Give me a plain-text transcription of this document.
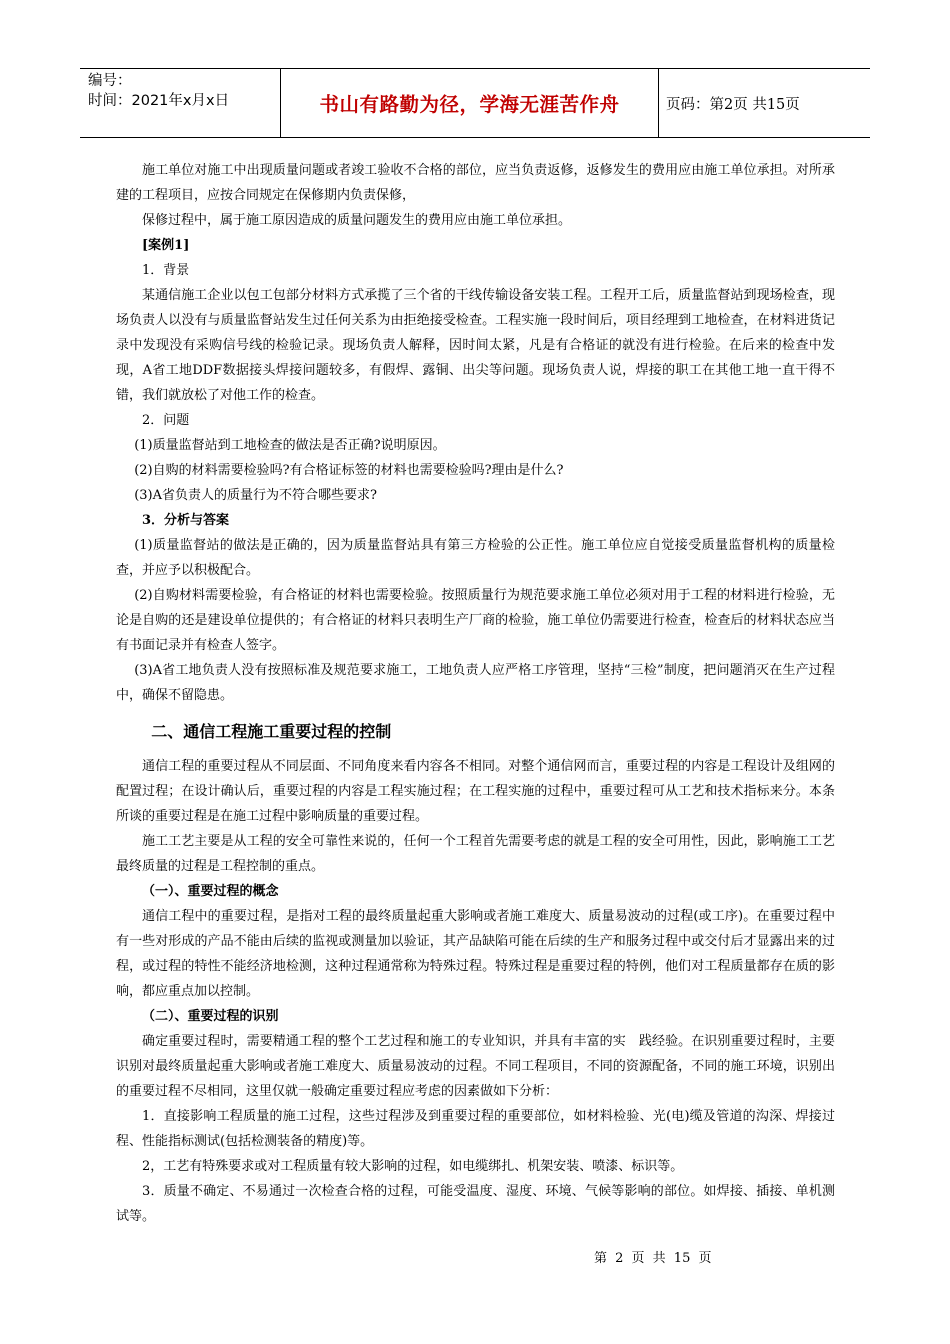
编号：
时间：2021年x月x日	书山有路勤为径，学海无涯苦作舟	页码：第2页 共15页

施工单位对施工中出现质量问题或者竣工验收不合格的部位，应当负责返修，返修发生的费用应由施工单位承担。对所承建的工程项目，应按合同规定在保修期内负责保修，

保修过程中，属于施工原因造成的质量问题发生的费用应由施工单位承担。

[案例1]

1．背景

某通信施工企业以包工包部分材料方式承揽了三个省的干线传输设备安装工程。工程开工后，质量监督站到现场检查，现场负责人以没有与质量监督站发生过任何关系为由拒绝接受检查。工程实施一段时间后，项目经理到工地检查，在材料进货记录中发现没有采购信号线的检验记录。现场负责人解释，因时间太紧，凡是有合格证的就没有进行检验。在后来的检查中发现，A省工地DDF数据接头焊接问题较多，有假焊、露铜、出尖等问题。现场负责人说，焊接的职工在其他工地一直干得不错，我们就放松了对他工作的检查。

2．问题

(1)质量监督站到工地检查的做法是否正确?说明原因。

(2)自购的材料需要检验吗?有合格证标签的材料也需要检验吗?理由是什么?

(3)A省负责人的质量行为不符合哪些要求?

3．分析与答案

(1)质量监督站的做法是正确的，因为质量监督站具有第三方检验的公正性。施工单位应自觉接受质量监督机构的质量检查，并应予以积极配合。

(2)自购材料需要检验，有合格证的材料也需要检验。按照质量行为规范要求施工单位必须对用于工程的材料进行检验，无论是自购的还是建设单位提供的；有合格证的材料只表明生产厂商的检验，施工单位仍需要进行检查，检查后的材料状态应当有书面记录并有检查人签字。

(3)A省工地负责人没有按照标准及规范要求施工，工地负责人应严格工序管理，坚持“三检”制度，把问题消灭在生产过程中，确保不留隐患。

二、通信工程施工重要过程的控制

通信工程的重要过程从不同层面、不同角度来看内容各不相同。对整个通信网而言，重要过程的内容是工程设计及组网的配置过程；在设计确认后，重要过程的内容是工程实施过程；在工程实施的过程中，重要过程可从工艺和技术指标来分。本条所谈的重要过程是在施工过程中影响质量的重要过程。

施工工艺主要是从工程的安全可靠性来说的，任何一个工程首先需要考虑的就是工程的安全可用性，因此，影响施工工艺最终质量的过程是工程控制的重点。

（一）、重要过程的概念

通信工程中的重要过程，是指对工程的最终质量起重大影响或者施工难度大、质量易波动的过程(或工序)。在重要过程中有一些对形成的产品不能由后续的监视或测量加以验证，其产品缺陷可能在后续的生产和服务过程中或交付后才显露出来的过程，或过程的特性不能经济地检测，这种过程通常称为特殊过程。特殊过程是重要过程的特例，他们对工程质量都存在质的影响，都应重点加以控制。

（二）、重要过程的识别

确定重要过程时，需要精通工程的整个工艺过程和施工的专业知识，并具有丰富的实　践经验。在识别重要过程时，主要识别对最终质量起重大影响或者施工难度大、质量易波动的过程。不同工程项目，不同的资源配备，不同的施工环境，识别出的重要过程不尽相同，这里仅就一般确定重要过程应考虑的因素做如下分析：

1．直接影响工程质量的施工过程，这些过程涉及到重要过程的重要部位，如材料检验、光(电)缆及管道的沟深、焊接过程、性能指标测试(包括检测装备的精度)等。

2，工艺有特殊要求或对工程质量有较大影响的过程，如电缆绑扎、机架安装、喷漆、标识等。

3．质量不确定、不易通过一次检查合格的过程，可能受温度、湿度、环境、气候等影响的部位。如焊接、插接、单机测试等。

第 2 页 共 15 页
